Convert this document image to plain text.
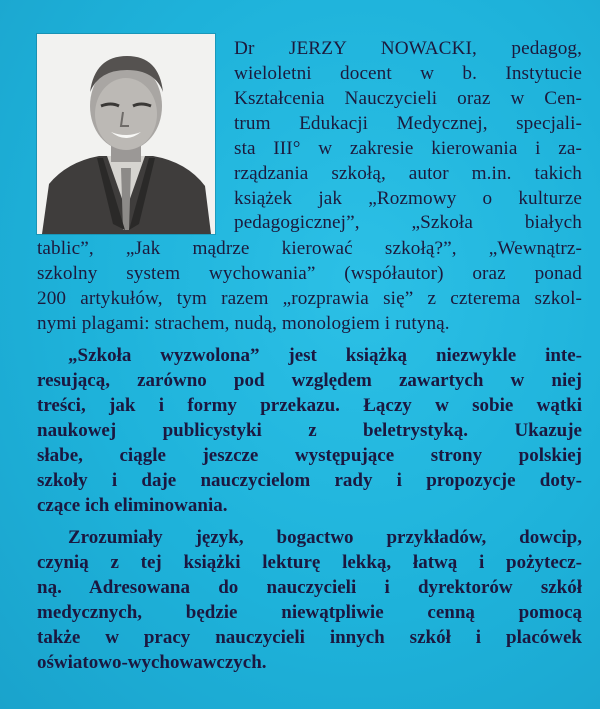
Dr JERZY NOWACKI, pedagog,
wieloletni docent w b. Instytucie
Kształcenia Nauczycieli oraz w Cen-
trum Edukacji Medycznej, specjali-
sta III° w zakresie kierowania i za-
rządzania szkołą, autor m.in. takich
książek jak „Rozmowy o kulturze
pedagogicznej”, „Szkoła białych
tablic”, „Jak mądrze kierować szkołą?”, „Wewnątrz-
szkolny system wychowania” (współautor) oraz ponad
200 artykułów, tym razem „rozprawia się” z czterema szkol-
nymi plagami: strachem, nudą, monologiem i rutyną.
„Szkoła wyzwolona” jest książką niezwykle inte-
resującą, zarówno pod względem zawartych w niej
treści, jak i formy przekazu. Łączy w sobie wątki
naukowej publicystyki z beletrystyką. Ukazuje
słabe, ciągle jeszcze występujące strony polskiej
szkoły i daje nauczycielom rady i propozycje doty-
czące ich eliminowania.
Zrozumiały język, bogactwo przykładów, dowcip,
czynią z tej książki lekturę lekką, łatwą i pożytecz-
ną. Adresowana do nauczycieli i dyrektorów szkół
medycznych, będzie niewątpliwie cenną pomocą
także w pracy nauczycieli innych szkół i placówek
oświatowo-wychowawczych.
